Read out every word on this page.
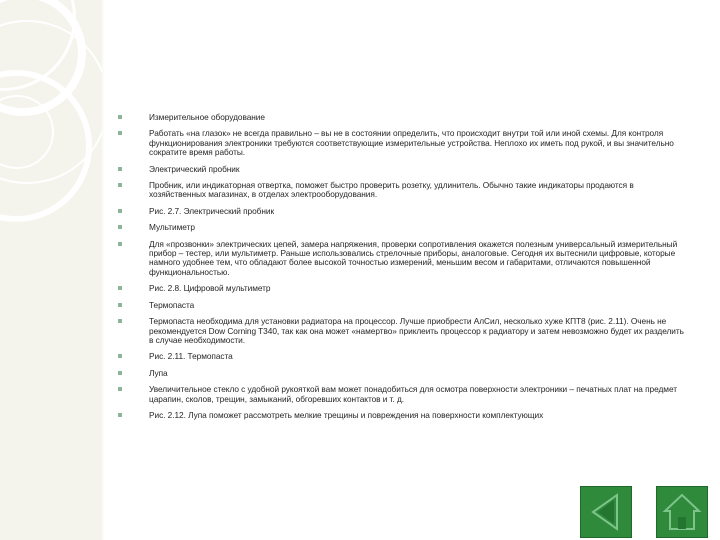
Измерительное оборудование
Работать «на глазок» не всегда правильно – вы не в состоянии определить, что происходит внутри той или иной схемы. Для контроля функционирования электроники требуются соответствующие измерительные устройства. Неплохо их иметь под рукой, и вы значительно сократите время работы.
Электрический пробник
Пробник, или индикаторная отвертка, поможет быстро проверить розетку, удлинитель. Обычно такие индикаторы продаются в хозяйственных магазинах, в отделах электрооборудования.
Рис. 2.7. Электрический пробник
Мультиметр
Для «прозвонки» электрических цепей, замера напряжения, проверки сопротивления окажется полезным универсальный измерительный прибор – тестер, или мультиметр. Раньше использовались стрелочные приборы, аналоговые. Сегодня их вытеснили цифровые, которые намного удобнее тем, что обладают более высокой точностью измерений, меньшим весом и габаритами, отличаются повышенной функциональностью.
Рис. 2.8. Цифровой мультиметр
Термопаста
Термопаста необходима для установки радиатора на процессор. Лучше приобрести АлСил, несколько хуже КПТ8 (рис. 2.11). Очень не рекомендуется Dow Corning T340, так как она может «намертво» приклеить процессор к радиатору и затем невозможно будет их разделить в случае необходимости.
Рис. 2.11. Термопаста
Лупа
Увеличительное стекло с удобной рукояткой вам может понадобиться для осмотра поверхности электроники – печатных плат на предмет царапин, сколов, трещин, замыканий, обгоревших контактов и т. д.
Рис. 2.12. Лупа поможет рассмотреть мелкие трещины и повреждения на поверхности комплектующих
